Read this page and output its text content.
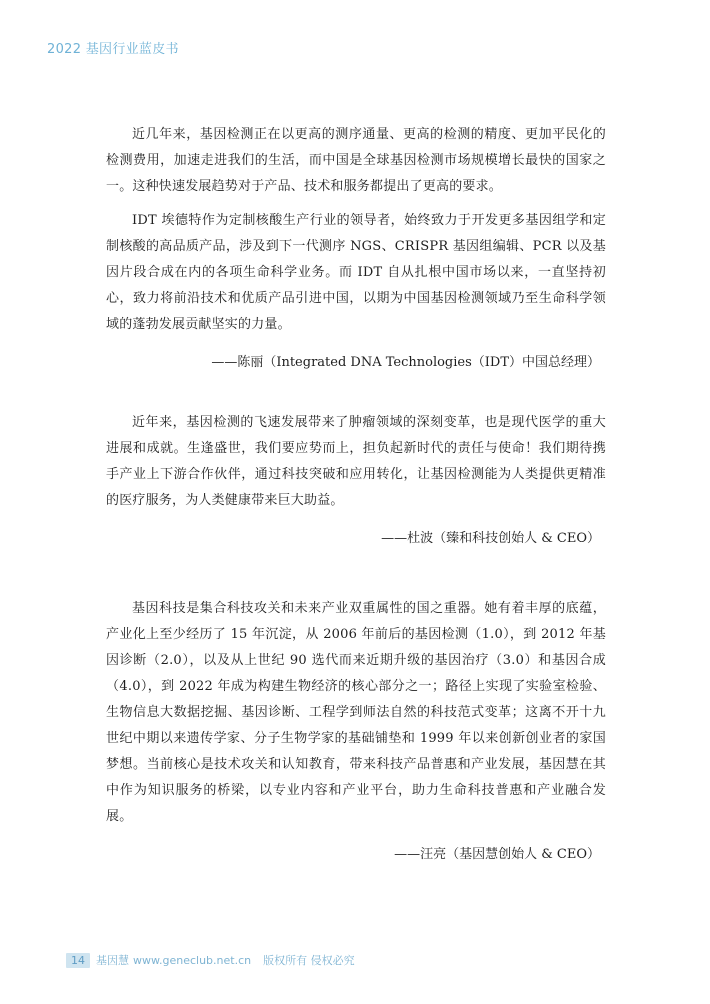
2022 基因行业蓝皮书

近几年来，基因检测正在以更高的测序通量、更高的检测的精度、更加平民化的检测费用，加速走进我们的生活，而中国是全球基因检测市场规模增长最快的国家之一。这种快速发展趋势对于产品、技术和服务都提出了更高的要求。

IDT 埃德特作为定制核酸生产行业的领导者，始终致力于开发更多基因组学和定制核酸的高品质产品，涉及到下一代测序 NGS、CRISPR 基因组编辑、PCR 以及基因片段合成在内的各项生命科学业务。而 IDT 自从扎根中国市场以来，一直坚持初心，致力将前沿技术和优质产品引进中国，以期为中国基因检测领域乃至生命科学领域的蓬勃发展贡献坚实的力量。

——陈丽（Integrated DNA Technologies（IDT）中国总经理）

近年来，基因检测的飞速发展带来了肿瘤领域的深刻变革，也是现代医学的重大进展和成就。生逢盛世，我们要应势而上，担负起新时代的责任与使命！我们期待携手产业上下游合作伙伴，通过科技突破和应用转化，让基因检测能为人类提供更精准的医疗服务，为人类健康带来巨大助益。

——杜波（臻和科技创始人 & CEO）

基因科技是集合科技攻关和未来产业双重属性的国之重器。她有着丰厚的底蕴，产业化上至少经历了 15 年沉淀，从 2006 年前后的基因检测（1.0），到 2012 年基因诊断（2.0），以及从上世纪 90 选代而来近期升级的基因治疗（3.0）和基因合成（4.0），到 2022 年成为构建生物经济的核心部分之一；路径上实现了实验室检验、生物信息大数据挖掘、基因诊断、工程学到师法自然的科技范式变革；这离不开十九世纪中期以来遗传学家、分子生物学家的基础铺垫和 1999 年以来创新创业者的家国梦想。当前核心是技术攻关和认知教育，带来科技产品普惠和产业发展，基因慧在其中作为知识服务的桥梁，以专业内容和产业平台，助力生命科技普惠和产业融合发展。

——汪亮（基因慧创始人 & CEO）
14	基因慧 www.geneclub.net.cn 版权所有 侵权必究
